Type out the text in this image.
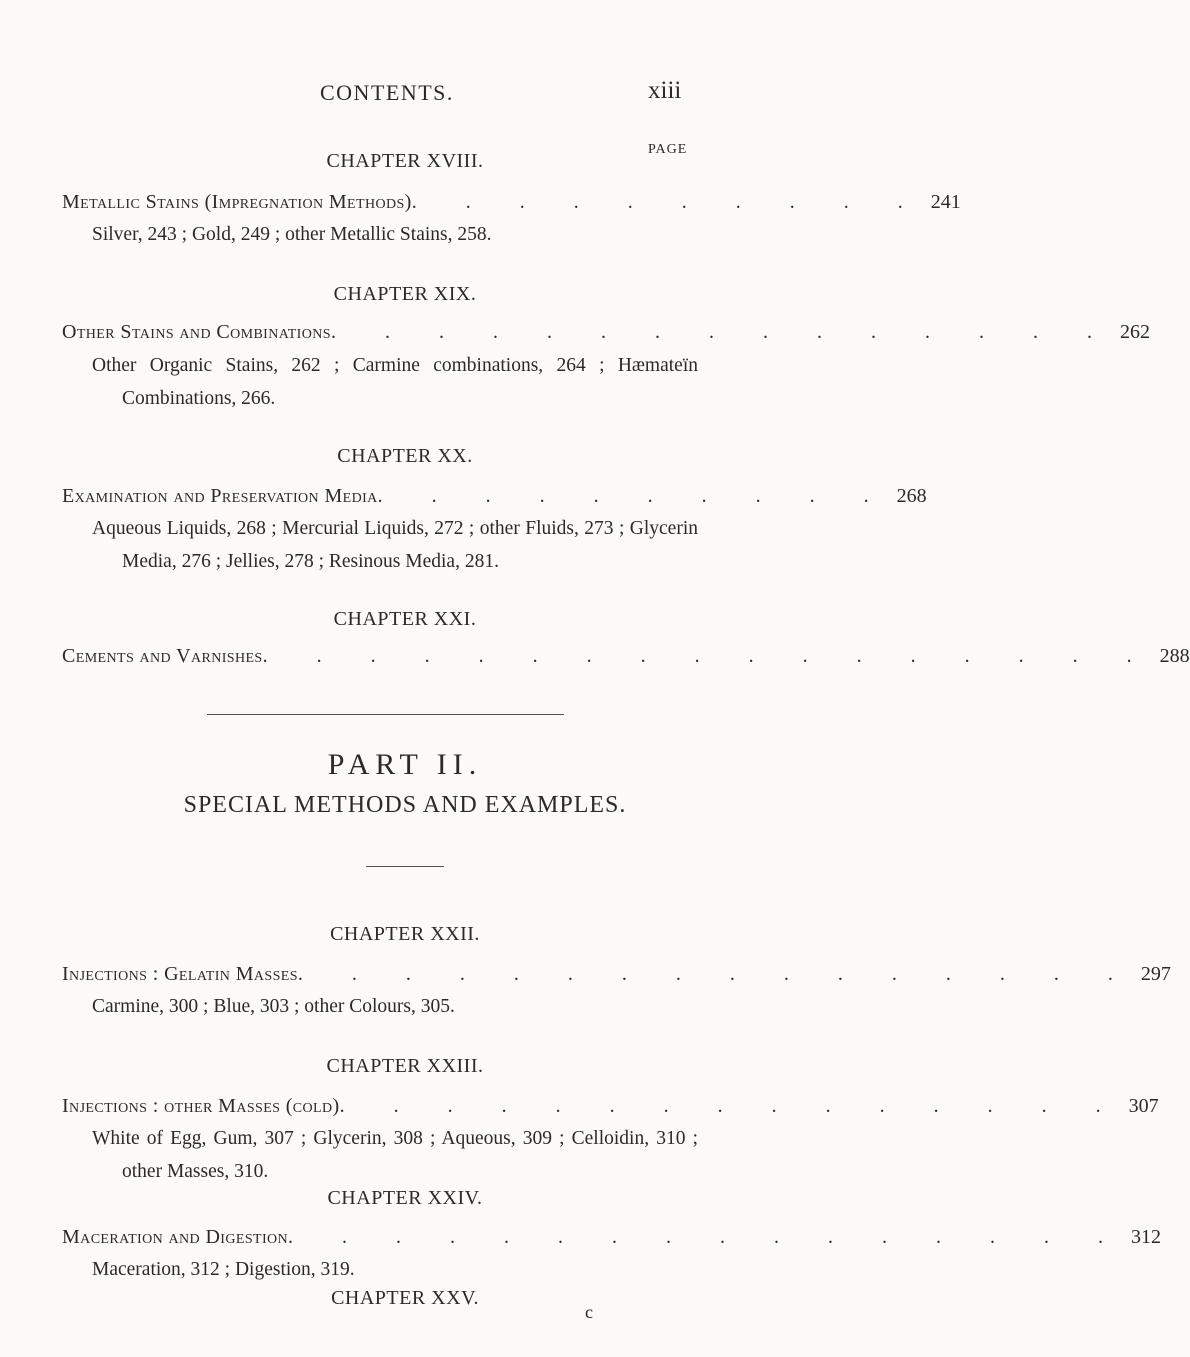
CONTENTS.	xiii
PAGE
CHAPTER XVIII.
Metallic Stains (Impregnation Methods) . . . . . . . . . . 241
Silver, 243 ; Gold, 249 ; other Metallic Stains, 258.
CHAPTER XIX.
Other Stains and Combinations . . . . . . . . . . . . . . . 262
Other Organic Stains, 262 ; Carmine combinations, 264 ; Hæmateïn Combinations, 266.
CHAPTER XX.
Examination and Preservation Media . . . . . . . . . . 268
Aqueous Liquids, 268 ; Mercurial Liquids, 272 ; other Fluids, 273 ; Glycerin Media, 276 ; Jellies, 278 ; Resinous Media, 281.
CHAPTER XXI.
Cements and Varnishes . . . . . . . . . . . . . . . . . 288
PART II.
SPECIAL METHODS AND EXAMPLES.
CHAPTER XXII.
Injections : Gelatin Masses . . . . . . . . . . . . . . . . 297
Carmine, 300 ; Blue, 303 ; other Colours, 305.
CHAPTER XXIII.
Injections : other Masses (cold) . . . . . . . . . . . . . . . 307
White of Egg, Gum, 307 ; Glycerin, 308 ; Aqueous, 309 ; Celloidin, 310 ; other Masses, 310.
CHAPTER XXIV.
Maceration and Digestion . . . . . . . . . . . . . . . . 312
Maceration, 312 ; Digestion, 319.
CHAPTER XXV.
c
